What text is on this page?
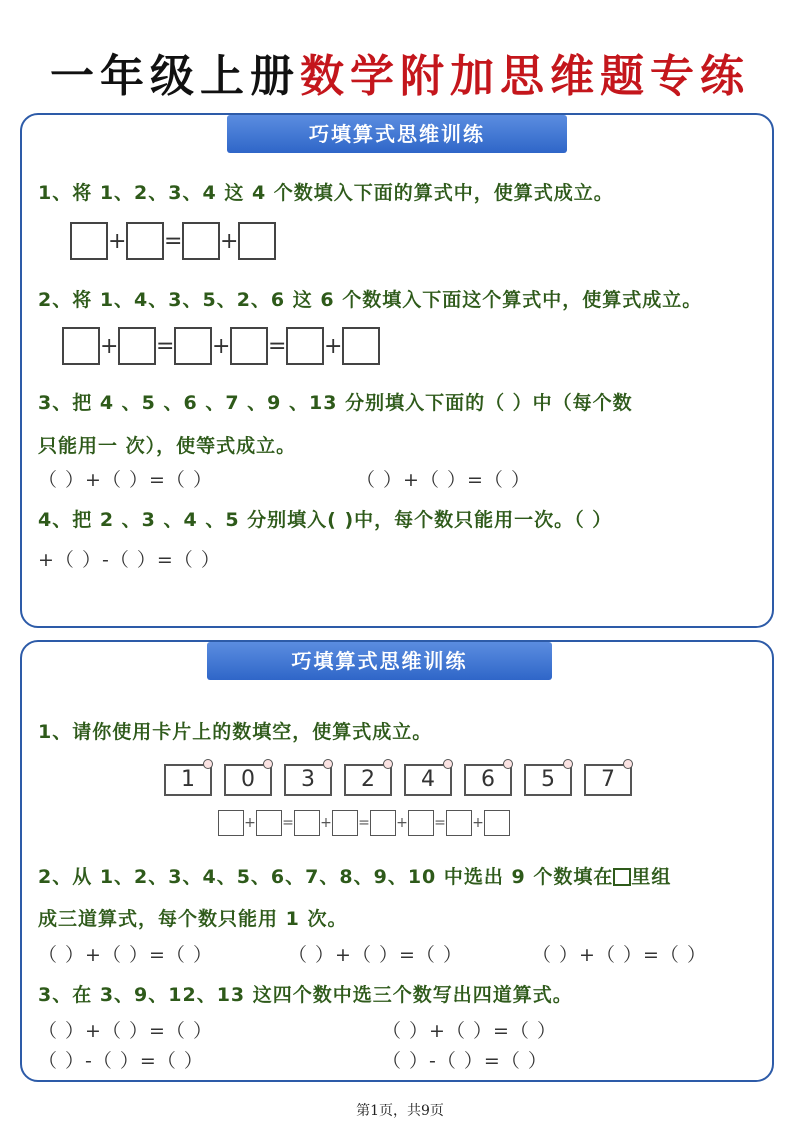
一年级上册数学附加思维题专练
巧填算式思维训练
1、将 1、2、3、4 这 4 个数填入下面的算式中，使算式成立。
+ = +
2、将 1、4、3、5、2、6 这 6 个数填入下面这个算式中，使算式成立。
+ = + = +
3、把 4 、5 、6 、7 、9 、13 分别填入下面的（ ）中（每个数
只能用一 次），使等式成立。
（ ）+（ ）=（ ）	（ ）+（ ）=（ ）
4、把 2 、3 、4 、5 分别填入( )中，每个数只能用一次。（ ）
+（ ）-（ ）=（ ）
巧填算式思维训练
1、请你使用卡片上的数填空，使算式成立。
1	0	3	2	4	6	5	7
+ = + = + = +
2、从 1、2、3、4、5、6、7、8、9、10 中选出 9 个数填在 里组
成三道算式，每个数只能用 1 次。
（ ）+（ ）=（ ）	（ ）+（ ）=（ ）	（ ）+（ ）=（ ）
3、在 3、9、12、13 这四个数中选三个数写出四道算式。
（ ）+（ ）=（ ）	（ ）+（ ）=（ ）
（ ）-（ ）=（ ）	（ ）-（ ）=（ ）
第1页，共9页
